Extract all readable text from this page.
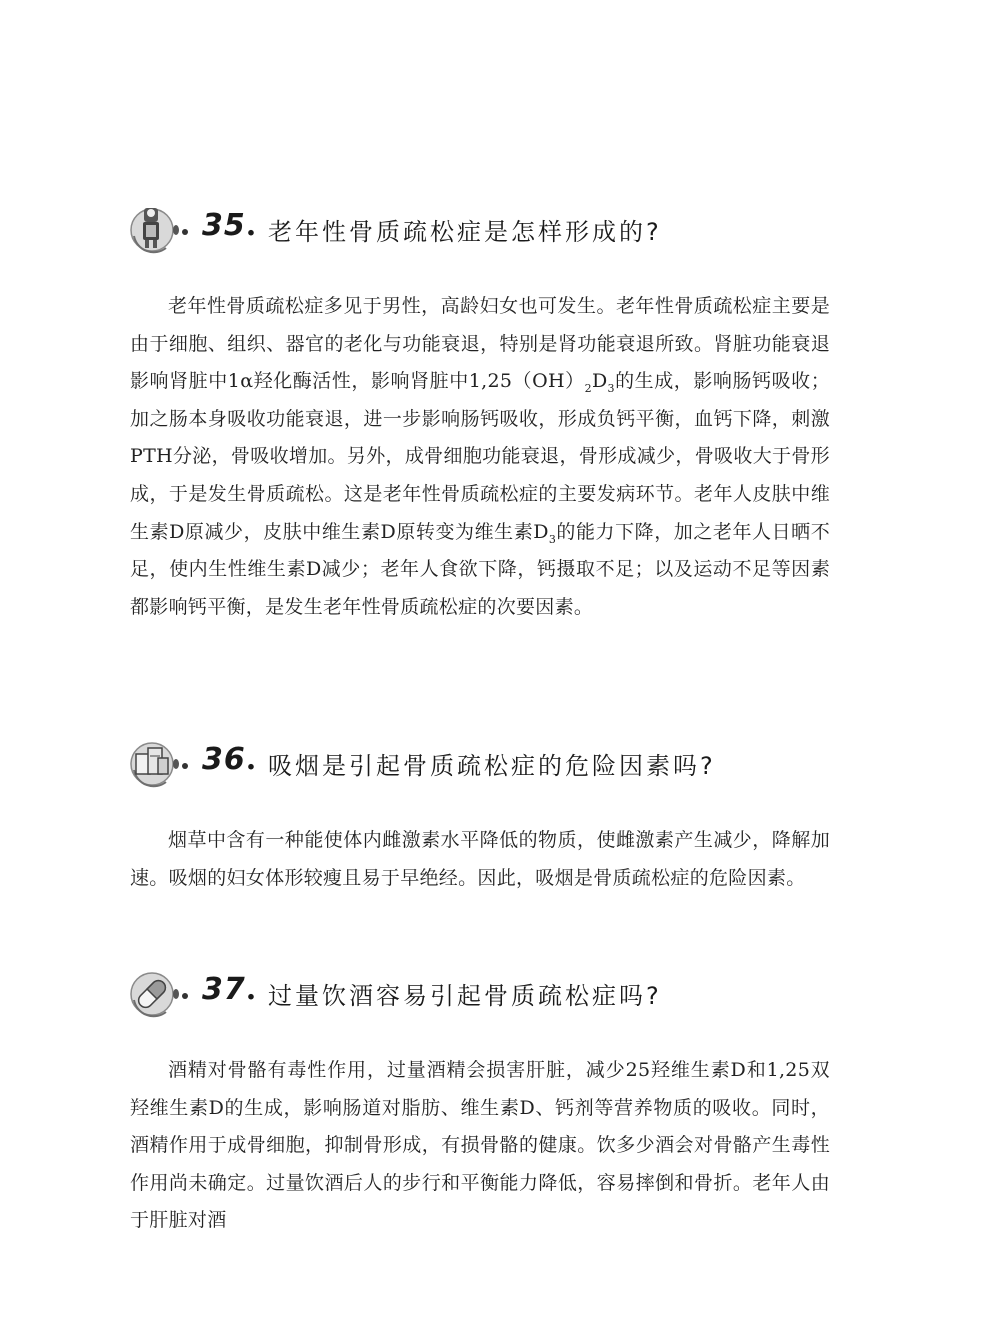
35. 老年性骨质疏松症是怎样形成的?

老年性骨质疏松症多见于男性，高龄妇女也可发生。老年性骨质疏松症主要是由于细胞、组织、器官的老化与功能衰退，特别是肾功能衰退所致。肾脏功能衰退影响肾脏中1α羟化酶活性，影响肾脏中$1,25(OH)_2D_3$的生成，影响肠钙吸收；加之肠本身吸收功能衰退，进一步影响肠钙吸收，形成负钙平衡，血钙下降，刺激PTH分泌，骨吸收增加。另外，成骨细胞功能衰退，骨形成减少，骨吸收大于骨形成，于是发生骨质疏松。这是老年性骨质疏松症的主要发病环节。老年人皮肤中维生素D原减少，皮肤中维生素D原转变为维生素$D_3$的能力下降，加之老年人日晒不足，使内生性维生素D减少；老年人食欲下降，钙摄取不足；以及运动不足等因素都影响钙平衡，是发生老年性骨质疏松症的次要因素。

36. 吸烟是引起骨质疏松症的危险因素吗?

烟草中含有一种能使体内雌激素水平降低的物质，使雌激素产生减少，降解加速。吸烟的妇女体形较瘦且易于早绝经。因此，吸烟是骨质疏松症的危险因素。

37. 过量饮酒容易引起骨质疏松症吗?

酒精对骨骼有毒性作用，过量酒精会损害肝脏，减少25羟维生素D和1,25双羟维生素D的生成，影响肠道对脂肪、维生素D、钙剂等营养物质的吸收。同时，酒精作用于成骨细胞，抑制骨形成，有损骨骼的健康。饮多少酒会对骨骼产生毒性作用尚未确定。过量饮酒后人的步行和平衡能力降低，容易摔倒和骨折。老年人由于肝脏对酒
